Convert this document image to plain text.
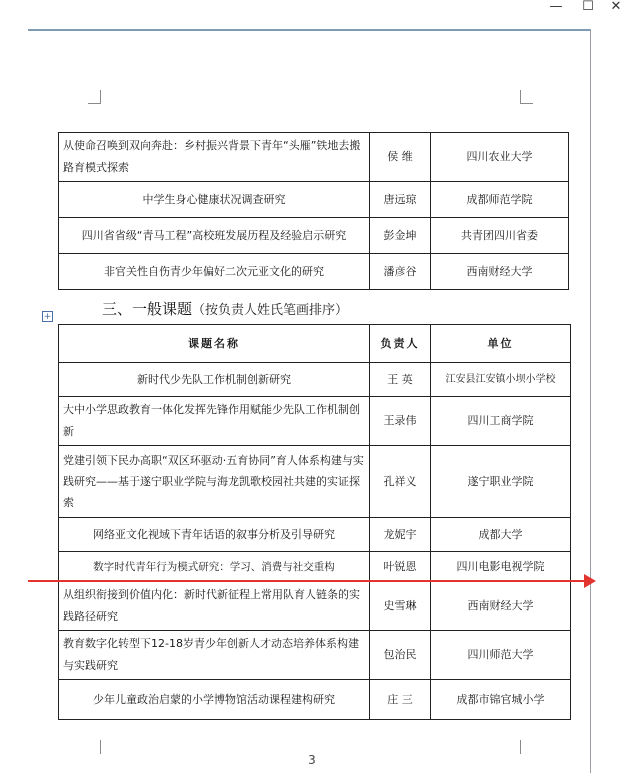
—	☐	✕
从使命召唤到双向奔赴：乡村振兴背景下青年“头雁”铁地去搬路育模式探索	侯 维	四川农业大学
中学生身心健康状况调查研究	唐远琼	成都师范学院
四川省省级“青马工程”高校班发展历程及经验启示研究	彭金坤	共青团四川省委
非官关性自伤青少年偏好二次元亚文化的研究	潘彦谷	西南财经大学
+	三、一般课题（按负责人姓氏笔画排序）
课题名称	负责人	单位
新时代少先队工作机制创新研究	王 英	江安县江安镇小坝小学校
大中小学思政教育一体化发挥先锋作用赋能少先队工作机制创新	王录伟	四川工商学院
党建引领下民办高职“双区环驱动·五育协同”育人体系构建与实践研究——基于遂宁职业学院与海龙凯歌校园社共建的实证探索	孔祥义	遂宁职业学院
网络亚文化视域下青年话语的叙事分析及引导研究	龙妮宇	成都大学
数字时代青年行为模式研究：学习、消费与社交重构	叶锐恩	四川电影电视学院
从组织衔接到价值内化：新时代新征程上常用队育人链条的实践路径研究	史雪琳	西南财经大学
教育数字化转型下12-18岁青少年创新人才动态培养体系构建与实践研究	包治民	四川师范大学
少年儿童政治启蒙的小学博物馆活动课程建构研究	庄 三	成都市锦官城小学
3
